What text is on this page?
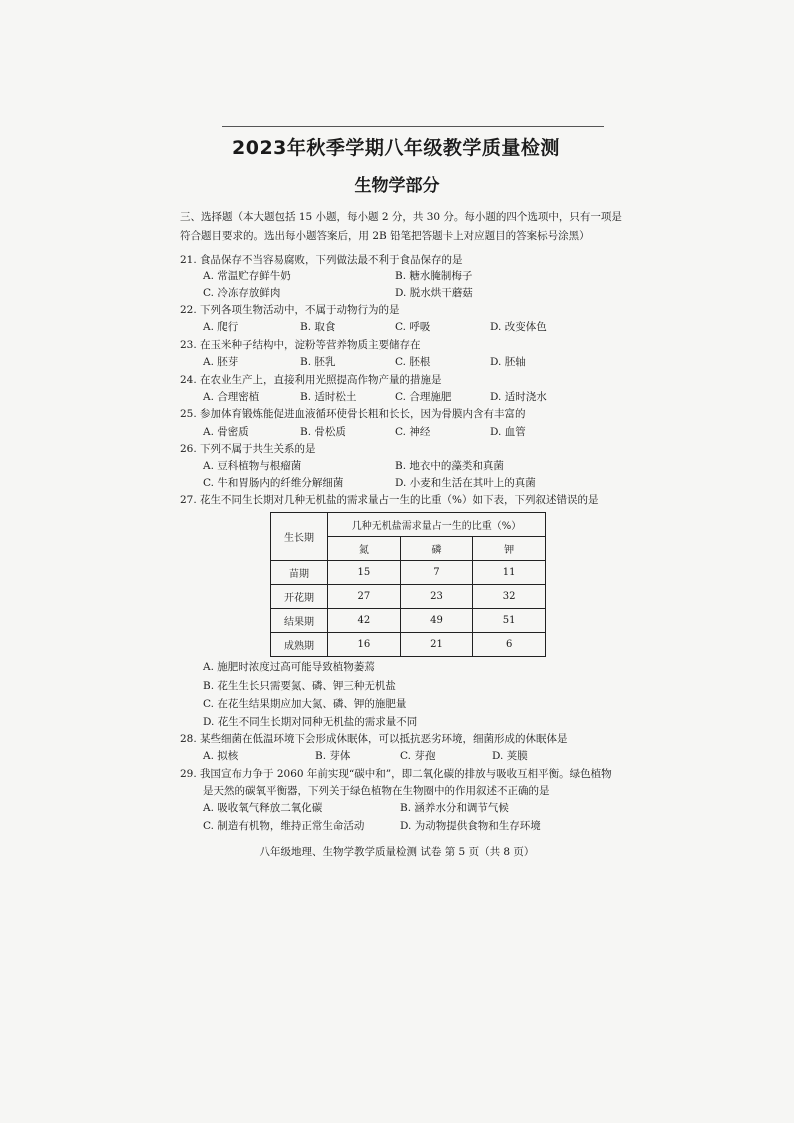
2023年秋季学期八年级教学质量检测
生物学部分
三、选择题（本大题包括 15 小题，每小题 2 分，共 30 分。每小题的四个选项中，只有一项是
符合题目要求的。选出每小题答案后，用 2B 铅笔把答题卡上对应题目的答案标号涂黑）
21. 食品保存不当容易腐败，下列做法最不利于食品保存的是
A. 常温贮存鲜牛奶	B. 糖水腌制梅子
C. 冷冻存放鲜肉	D. 脱水烘干蘑菇
22. 下列各项生物活动中，不属于动物行为的是
A. 爬行	B. 取食	C. 呼吸	D. 改变体色
23. 在玉米种子结构中，淀粉等营养物质主要储存在
A. 胚芽	B. 胚乳	C. 胚根	D. 胚轴
24. 在农业生产上，直接利用光照提高作物产量的措施是
A. 合理密植	B. 适时松土	C. 合理施肥	D. 适时浇水
25. 参加体育锻炼能促进血液循环使骨长粗和长长，因为骨膜内含有丰富的
A. 骨密质	B. 骨松质	C. 神经	D. 血管
26. 下列不属于共生关系的是
A. 豆科植物与根瘤菌	B. 地衣中的藻类和真菌
C. 牛和胃肠内的纤维分解细菌	D. 小麦和生活在其叶上的真菌
27. 花生不同生长期对几种无机盐的需求量占一生的比重（%）如下表，下列叙述错误的是
生长期	几种无机盐需求量占一生的比重（%）		
	氮	磷	钾
苗期	15	7	11
开花期	27	23	32
结果期	42	49	51
成熟期	16	21	6
A. 施肥时浓度过高可能导致植物萎蔫
B. 花生生长只需要氮、磷、钾三种无机盐
C. 在花生结果期应加大氮、磷、钾的施肥量
D. 花生不同生长期对同种无机盐的需求量不同
28. 某些细菌在低温环境下会形成休眠体，可以抵抗恶劣环境，细菌形成的休眠体是
A. 拟核	B. 芽体	C. 芽孢	D. 荚膜
29. 我国宣布力争于 2060 年前实现“碳中和”，即二氧化碳的排放与吸收互相平衡。绿色植物
是天然的碳氧平衡器，下列关于绿色植物在生物圈中的作用叙述不正确的是
A. 吸收氧气释放二氧化碳	B. 涵养水分和调节气候
C. 制造有机物，维持正常生命活动	D. 为动物提供食物和生存环境
八年级地理、生物学教学质量检测 试卷 第 5 页（共 8 页）
